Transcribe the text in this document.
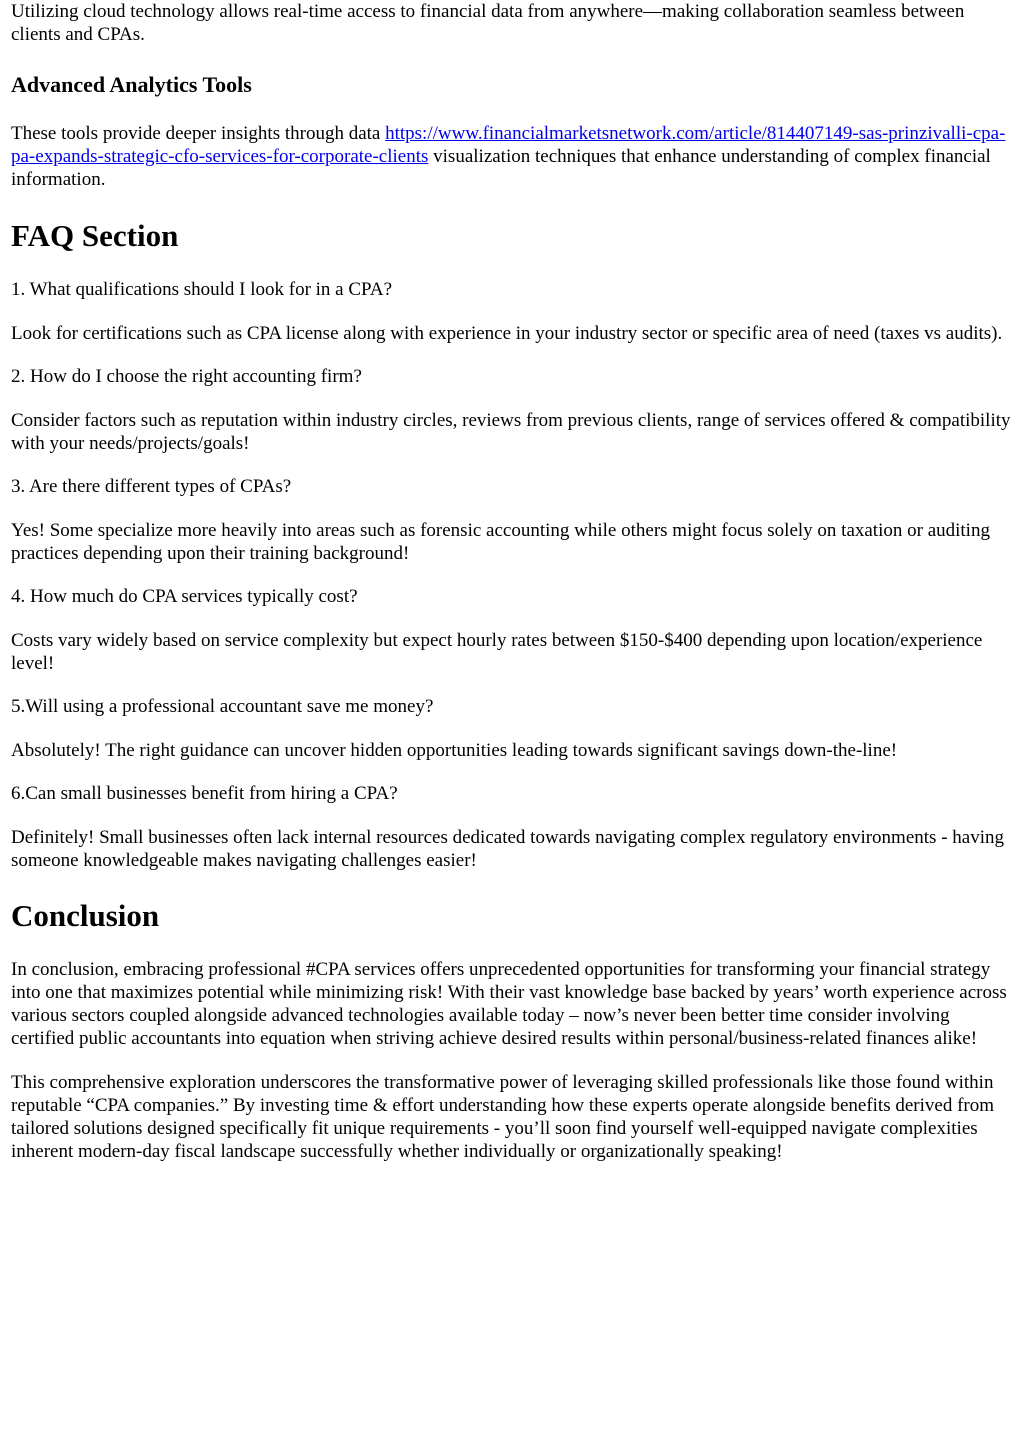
Utilizing cloud technology allows real-time access to financial data from anywhere—making collaboration seamless between clients and CPAs.

Advanced Analytics Tools

These tools provide deeper insights through data https://www.financialmarketsnetwork.com/article/814407149-sas-prinzivalli-cpa-pa-expands-strategic-cfo-services-for-corporate-clients visualization techniques that enhance understanding of complex financial information.

FAQ Section

1. What qualifications should I look for in a CPA?

Look for certifications such as CPA license along with experience in your industry sector or specific area of need (taxes vs audits).

2. How do I choose the right accounting firm?

Consider factors such as reputation within industry circles, reviews from previous clients, range of services offered & compatibility with your needs/projects/goals!

3. Are there different types of CPAs?

Yes! Some specialize more heavily into areas such as forensic accounting while others might focus solely on taxation or auditing practices depending upon their training background!

4. How much do CPA services typically cost?

Costs vary widely based on service complexity but expect hourly rates between $150-$400 depending upon location/experience level!

5.Will using a professional accountant save me money?

Absolutely! The right guidance can uncover hidden opportunities leading towards significant savings down-the-line!

6.Can small businesses benefit from hiring a CPA?

Definitely! Small businesses often lack internal resources dedicated towards navigating complex regulatory environments - having someone knowledgeable makes navigating challenges easier!

Conclusion

In conclusion, embracing professional #CPA services offers unprecedented opportunities for transforming your financial strategy into one that maximizes potential while minimizing risk! With their vast knowledge base backed by years’ worth experience across various sectors coupled alongside advanced technologies available today – now’s never been better time consider involving certified public accountants into equation when striving achieve desired results within personal/business-related finances alike!

This comprehensive exploration underscores the transformative power of leveraging skilled professionals like those found within reputable “CPA companies.” By investing time & effort understanding how these experts operate alongside benefits derived from tailored solutions designed specifically fit unique requirements - you’ll soon find yourself well-equipped navigate complexities inherent modern-day fiscal landscape successfully whether individually or organizationally speaking!
